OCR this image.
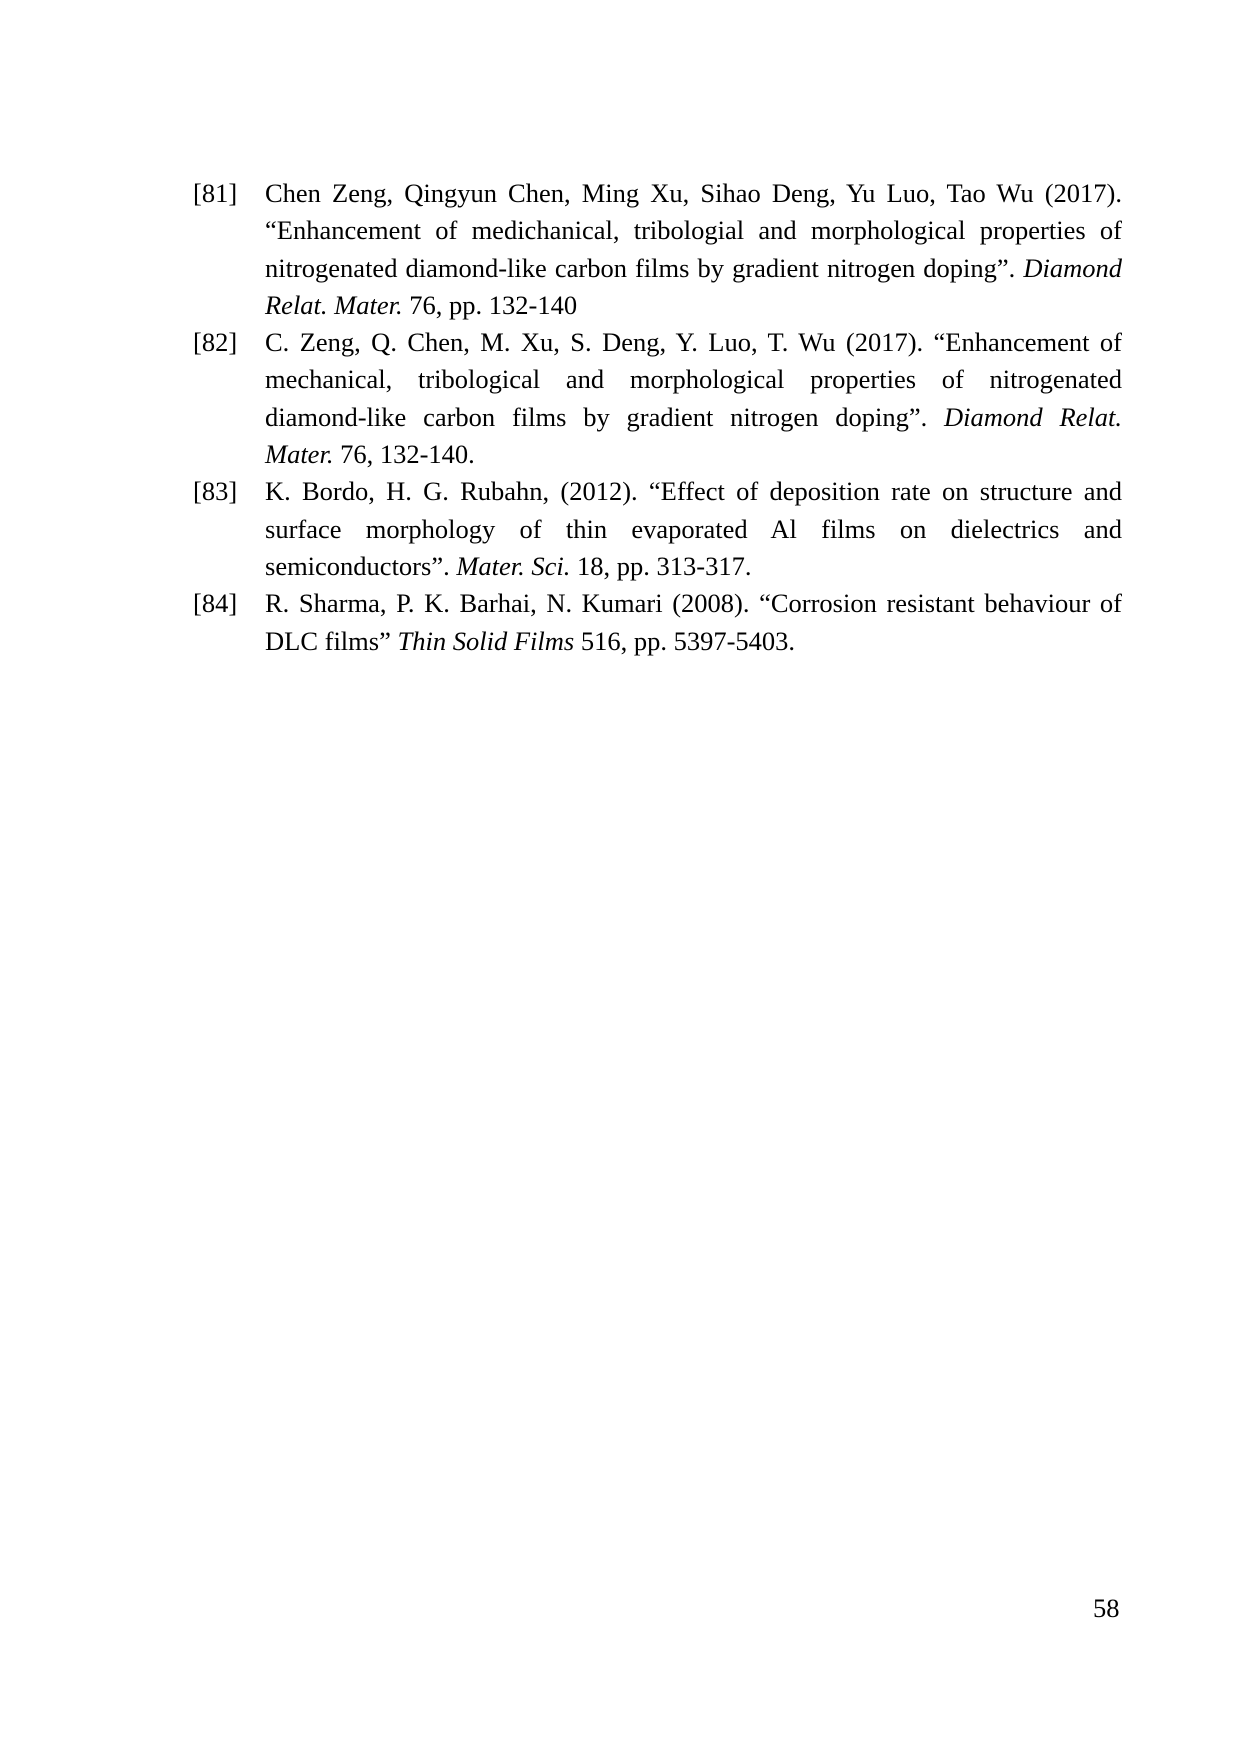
[81] Chen Zeng, Qingyun Chen, Ming Xu, Sihao Deng, Yu Luo, Tao Wu (2017).
“Enhancement of medichanical, tribologial and morphological properties of
nitrogenated diamond-like carbon films by gradient nitrogen doping”. Diamond
Relat. Mater. 76, pp. 132-140
[82] C. Zeng, Q. Chen, M. Xu, S. Deng, Y. Luo, T. Wu (2017). “Enhancement of
mechanical, tribological and morphological properties of nitrogenated
diamond-like carbon films by gradient nitrogen doping”. Diamond Relat.
Mater. 76, 132-140.
[83] K. Bordo, H. G. Rubahn, (2012). “Effect of deposition rate on structure and
surface morphology of thin evaporated Al films on dielectrics and
semiconductors”. Mater. Sci. 18, pp. 313-317.
[84] R. Sharma, P. K. Barhai, N. Kumari (2008). “Corrosion resistant behaviour of
DLC films” Thin Solid Films 516, pp. 5397-5403.
58
